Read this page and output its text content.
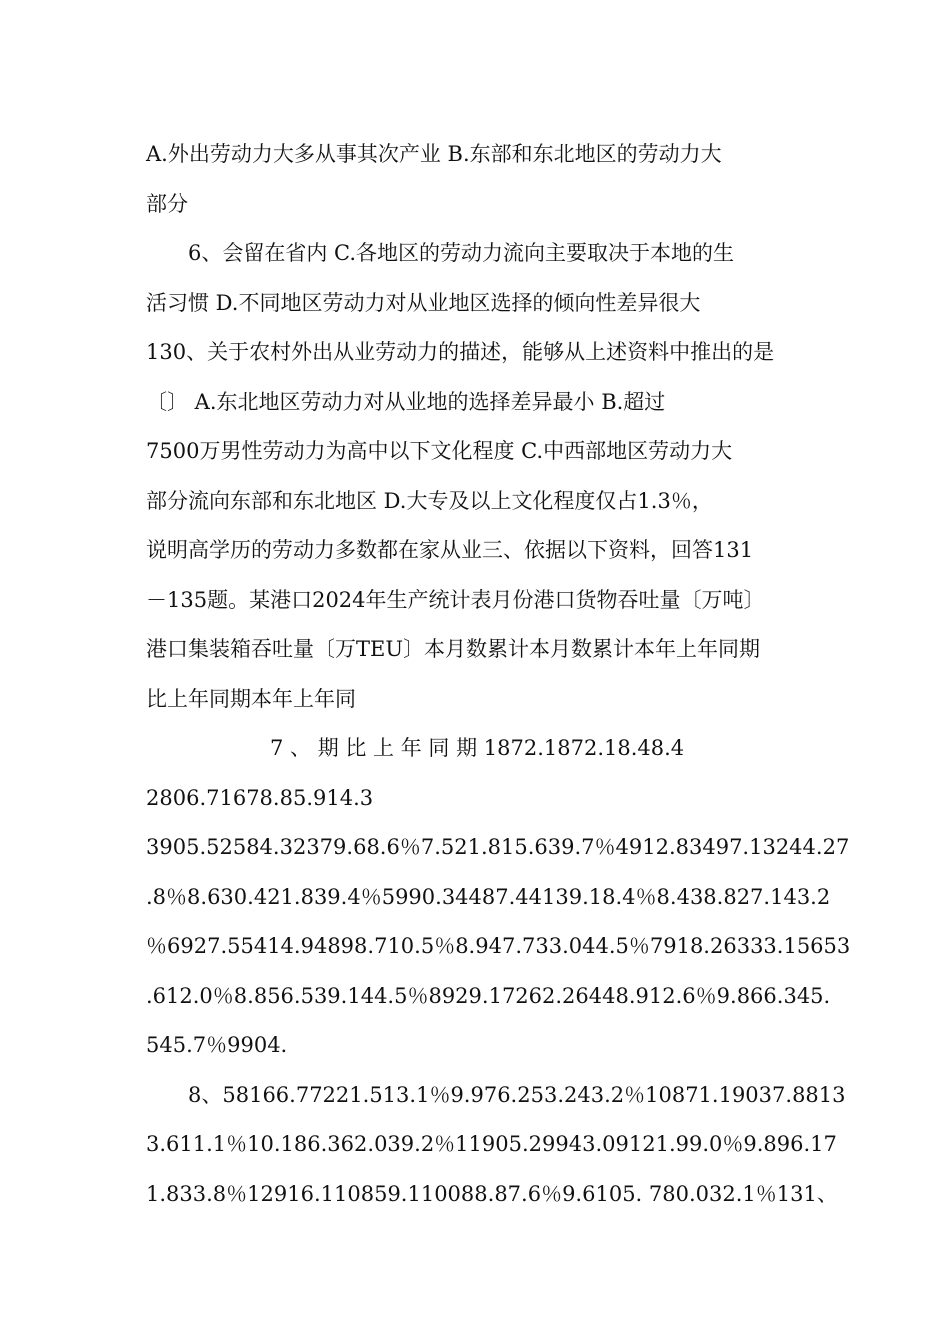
A.外出劳动力大多从事其次产业 B.东部和东北地区的劳动力大
部分
6、会留在省内 C.各地区的劳动力流向主要取决于本地的生
活习惯 D.不同地区劳动力对从业地区选择的倾向性差异很大
130、关于农村外出从业劳动力的描述，能够从上述资料中推出的是
〔〕 A.东北地区劳动力对从业地的选择差异最小 B.超过
7500万男性劳动力为高中以下文化程度 C.中西部地区劳动力大
部分流向东部和东北地区 D.大专及以上文化程度仅占1.3％，
说明高学历的劳动力多数都在家从业三、依据以下资料，回答131
－135题。某港口2024年生产统计表月份港口货物吞吐量〔万吨〕
港口集装箱吞吐量〔万TEU〕本月数累计本月数累计本年上年同期
比上年同期本年上年同
7 、 期 比 上 年 同 期 1872.1872.18.48.4
2806.71678.85.914.3
3905.52584.32379.68.6％7.521.815.639.7％4912.83497.13244.27
.8％8.630.421.839.4％5990.34487.44139.18.4％8.438.827.143.2
％6927.55414.94898.710.5％8.947.733.044.5％7918.26333.15653
.612.0％8.856.539.144.5％8929.17262.26448.912.6％9.866.345.
545.7％9904.
8、58166.77221.513.1％9.976.253.243.2％10871.19037.8813
3.611.1％10.186.362.039.2％11905.29943.09121.99.0％9.896.17
1.833.8％12916.110859.110088.87.6％9.6105. 780.032.1％131、
